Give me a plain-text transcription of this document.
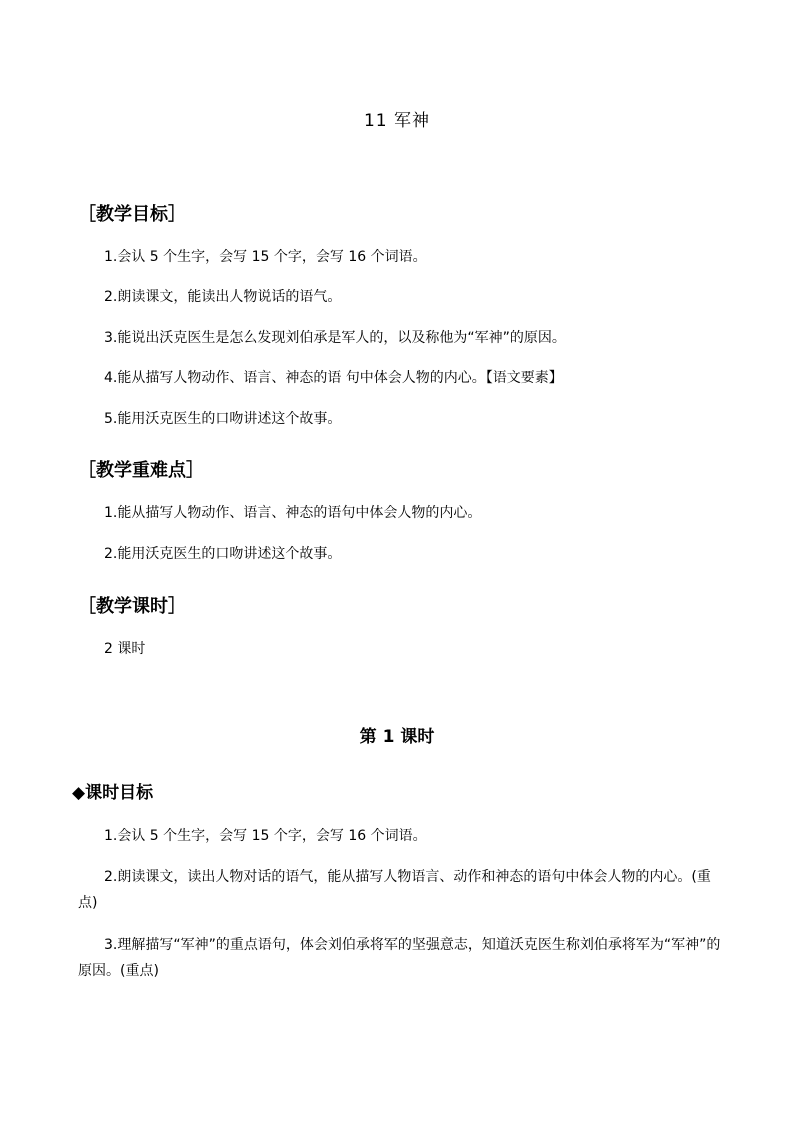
11 军神
［教学目标］
1.会认 5 个生字，会写 15 个字，会写 16 个词语。
2.朗读课文，能读出人物说话的语气。
3.能说出沃克医生是怎么发现刘伯承是军人的，以及称他为“军神”的原因。
4.能从描写人物动作、语言、神态的语 句中体会人物的内心。【语文要素】
5.能用沃克医生的口吻讲述这个故事。
［教学重难点］
1.能从描写人物动作、语言、神态的语句中体会人物的内心。
2.能用沃克医生的口吻讲述这个故事。
［教学课时］
2 课时
第 1 课时
◆课时目标
1.会认 5 个生字，会写 15 个字，会写 16 个词语。
2.朗读课文，读出人物对话的语气，能从描写人物语言、动作和神态的语句中体会人物的内心。(重点)
3.理解描写“军神”的重点语句，体会刘伯承将军的坚强意志，知道沃克医生称刘伯承将军为“军神”的原因。(重点)
